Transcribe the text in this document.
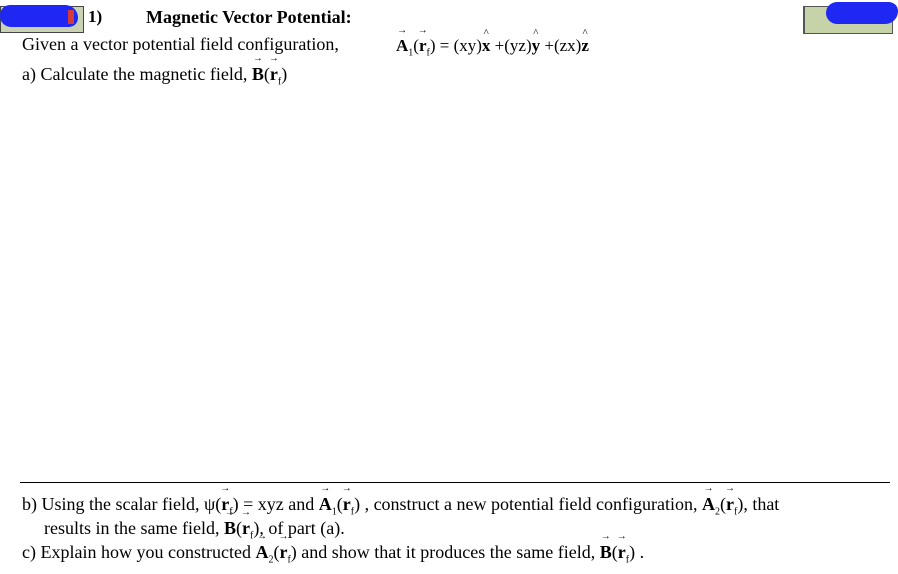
1) Magnetic Vector Potential:
Given a vector potential field configuration,	→ $A_1(\to r_f)$ = (xy)^ x +(yz)^ y +(zx)^ z
a) Calculate the magnetic field, → $B(\to r_f)$
b) Using the scalar field, $\psi(\to r_f)$ = xyz and → $A_1(\to r_f)$ , construct a new potential field configuration, → $A_2(\to r_f)$, that
results in the same field, → $B(\to r_f)$, of part (a).
c) Explain how you constructed → $A_2(\to r_f)$ and show that it produces the same field, → $B(\to r_f)$ .
